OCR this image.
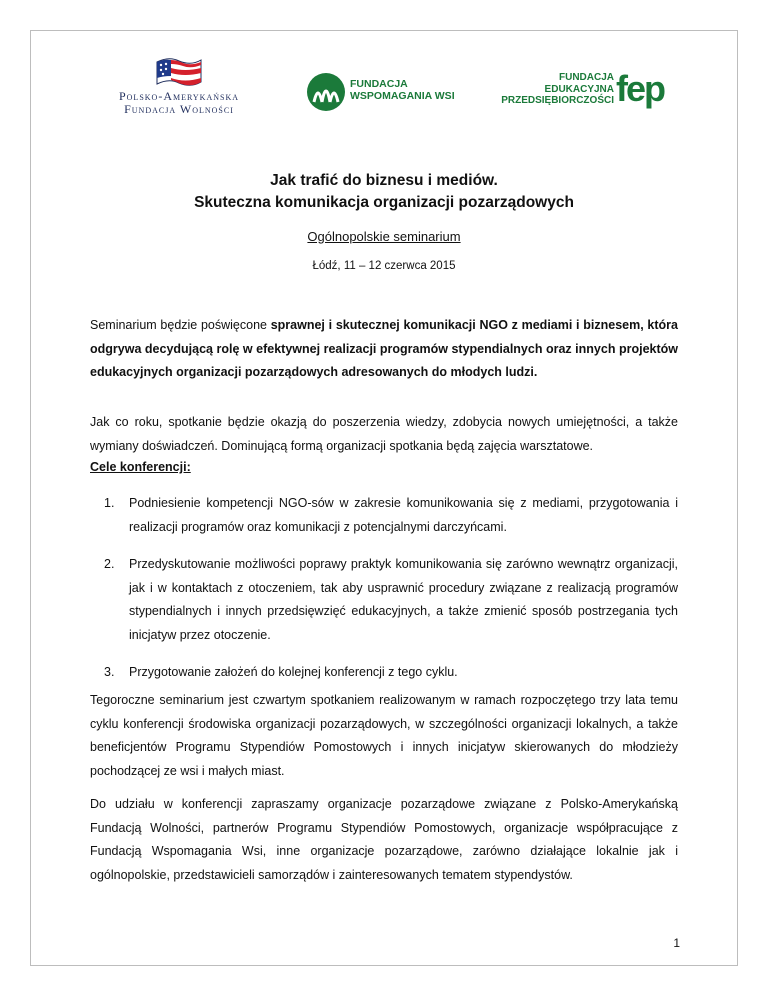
Polsko-Amerykańska
Fundacja Wolności
FUNDACJA
WSPOMAGANIA WSI
FUNDACJA
EDUKACYJNA
PRZEDSIĘBIORCZOŚCI fep
Jak trafić do biznesu i mediów.
Skuteczna komunikacja organizacji pozarządowych
Ogólnopolskie seminarium
Łódź, 11 – 12 czerwca 2015
Seminarium będzie poświęcone sprawnej i skutecznej komunikacji NGO z mediami i biznesem, która odgrywa decydującą rolę w efektywnej realizacji programów stypendialnych oraz innych projektów edukacyjnych organizacji pozarządowych adresowanych do młodych ludzi.
Jak co roku, spotkanie będzie okazją do poszerzenia wiedzy, zdobycia nowych umiejętności, a także wymiany doświadczeń. Dominującą formą organizacji spotkania będą zajęcia warsztatowe.
Cele konferencji:
1. Podniesienie kompetencji NGO-sów w zakresie komunikowania się z mediami, przygotowania i realizacji programów oraz komunikacji z potencjalnymi darczyńcami.
2. Przedyskutowanie możliwości poprawy praktyk komunikowania się zarówno wewnątrz organizacji, jak i w kontaktach z otoczeniem, tak aby usprawnić procedury związane z realizacją programów stypendialnych i innych przedsięwzięć edukacyjnych, a także zmienić sposób postrzegania tych inicjatyw przez otoczenie.
3. Przygotowanie założeń do kolejnej konferencji z tego cyklu.
Tegoroczne seminarium jest czwartym spotkaniem realizowanym w ramach rozpoczętego trzy lata temu cyklu konferencji środowiska organizacji pozarządowych, w szczególności organizacji lokalnych, a także beneficjentów Programu Stypendiów Pomostowych i innych inicjatyw skierowanych do młodzieży pochodzącej ze wsi i małych miast.
Do udziału w konferencji zapraszamy organizacje pozarządowe związane z Polsko-Amerykańską Fundacją Wolności, partnerów Programu Stypendiów Pomostowych, organizacje współpracujące z Fundacją Wspomagania Wsi, inne organizacje pozarządowe, zarówno działające lokalnie jak i ogólnopolskie, przedstawicieli samorządów i zainteresowanych tematem stypendystów.
1
